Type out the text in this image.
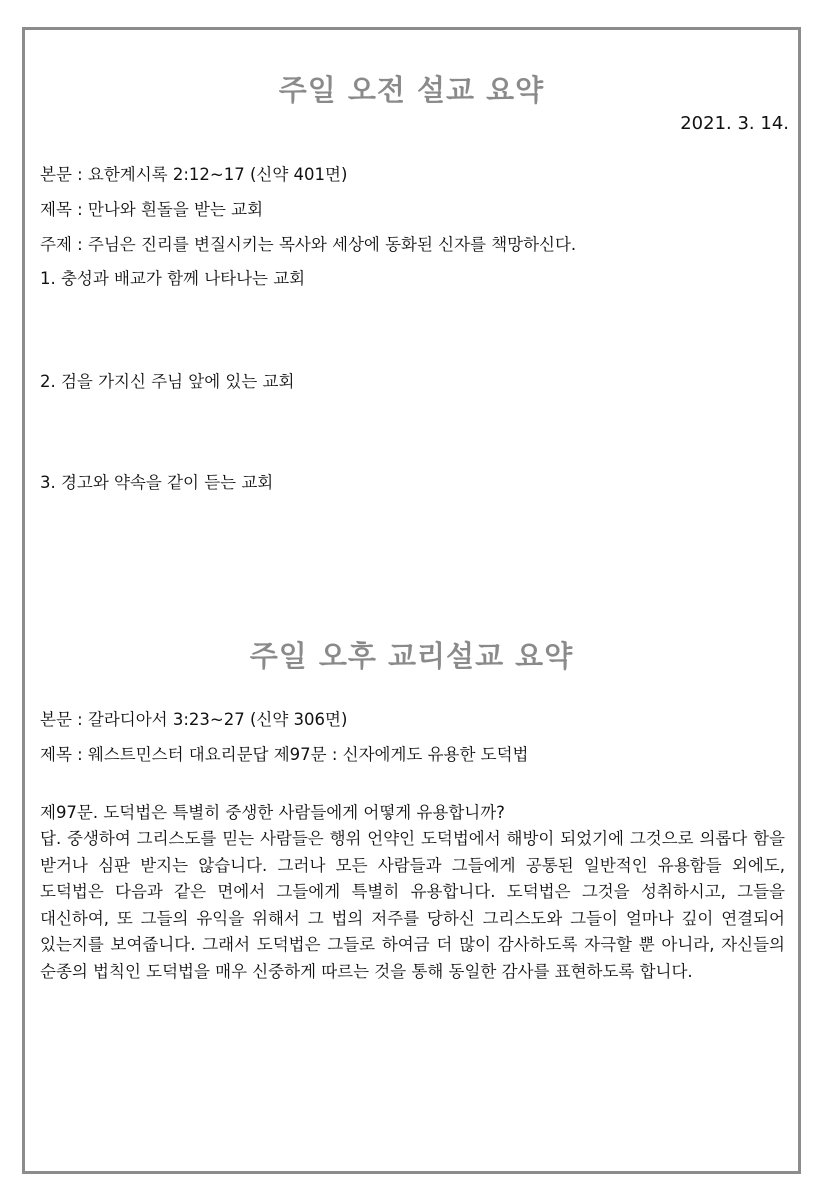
주일 오전 설교 요약
2021. 3. 14.
본문 : 요한계시록 2:12~17 (신약 401면)
제목 : 만나와 흰돌을 받는 교회
주제 : 주님은 진리를 변질시키는 목사와 세상에 동화된 신자를 책망하신다.
1. 충성과 배교가 함께 나타나는 교회
2. 검을 가지신 주님 앞에 있는 교회
3. 경고와 약속을 같이 듣는 교회
주일 오후 교리설교 요약
본문 : 갈라디아서 3:23~27 (신약 306면)
제목 : 웨스트민스터 대요리문답 제97문 : 신자에게도 유용한 도덕법
제97문. 도덕법은 특별히 중생한 사람들에게 어떻게 유용합니까?
답. 중생하여 그리스도를 믿는 사람들은 행위 언약인 도덕법에서 해방이 되었기에 그것으로 의롭다 함을 받거나 심판 받지는 않습니다. 그러나 모든 사람들과 그들에게 공통된 일반적인 유용함들 외에도, 도덕법은 다음과 같은 면에서 그들에게 특별히 유용합니다. 도덕법은 그것을 성취하시고, 그들을 대신하여, 또 그들의 유익을 위해서 그 법의 저주를 당하신 그리스도와 그들이 얼마나 깊이 연결되어 있는지를 보여줍니다. 그래서 도덕법은 그들로 하여금 더 많이 감사하도록 자극할 뿐 아니라, 자신들의 순종의 법칙인 도덕법을 매우 신중하게 따르는 것을 통해 동일한 감사를 표현하도록 합니다.
